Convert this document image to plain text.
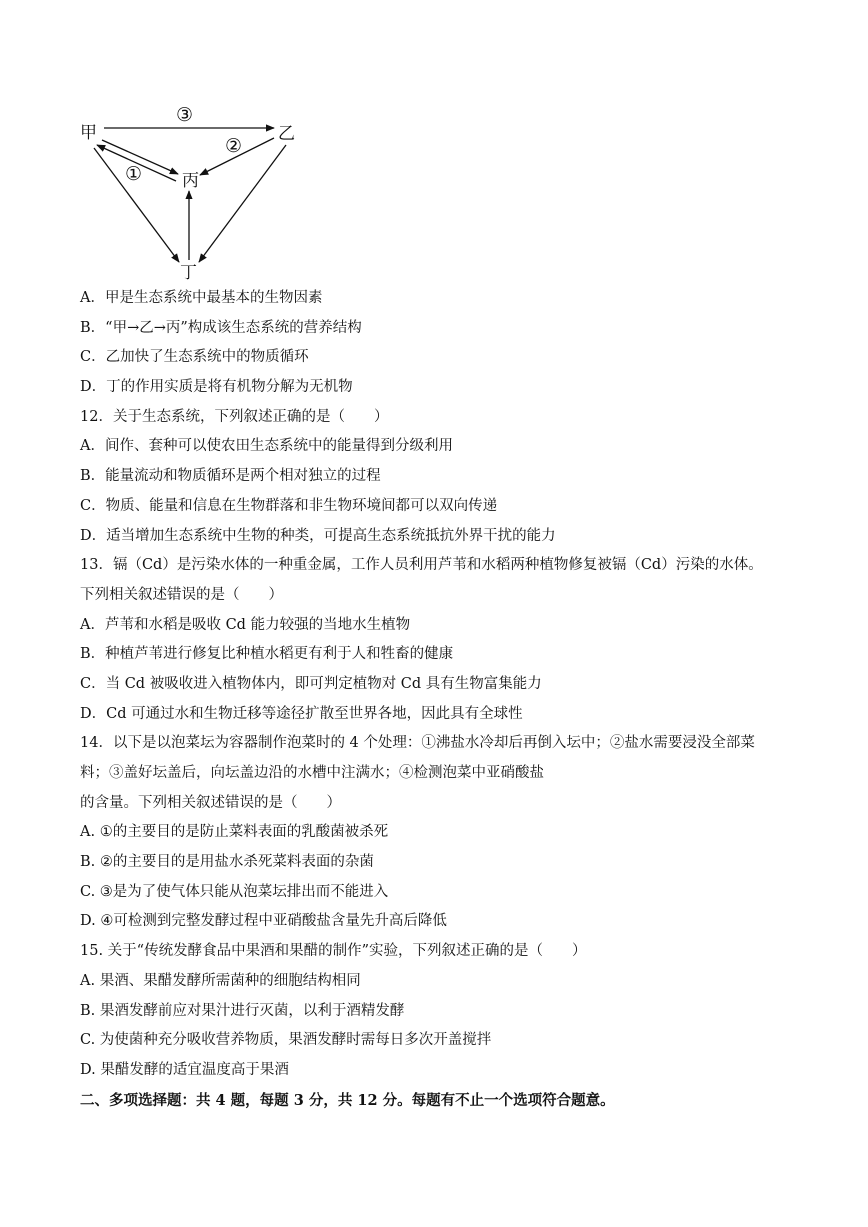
甲	乙
丙
丁
③
②
①
A．甲是生态系统中最基本的生物因素
B．“甲→乙→丙”构成该生态系统的营养结构
C．乙加快了生态系统中的物质循环
D．丁的作用实质是将有机物分解为无机物
12．关于生态系统，下列叙述正确的是（　　）
A．间作、套种可以使农田生态系统中的能量得到分级利用
B．能量流动和物质循环是两个相对独立的过程
C．物质、能量和信息在生物群落和非生物环境间都可以双向传递
D．适当增加生态系统中生物的种类，可提高生态系统抵抗外界干扰的能力
13．镉（Cd）是污染水体的一种重金属，工作人员利用芦苇和水稻两种植物修复被镉（Cd）污染的水体。
下列相关叙述错误的是（　　）
A．芦苇和水稻是吸收 Cd 能力较强的当地水生植物
B．种植芦苇进行修复比种植水稻更有利于人和牲畜的健康
C．当 Cd 被吸收进入植物体内，即可判定植物对 Cd 具有生物富集能力
D．Cd 可通过水和生物迁移等途径扩散至世界各地，因此具有全球性
14．以下是以泡菜坛为容器制作泡菜时的 4 个处理：①沸盐水冷却后再倒入坛中；②盐水需要浸没全部菜
料；③盖好坛盖后，向坛盖边沿的水槽中注满水；④检测泡菜中亚硝酸盐
的含量。下列相关叙述错误的是（　　）
A. ①的主要目的是防止菜料表面的乳酸菌被杀死
B. ②的主要目的是用盐水杀死菜料表面的杂菌
C. ③是为了使气体只能从泡菜坛排出而不能进入
D. ④可检测到完整发酵过程中亚硝酸盐含量先升高后降低
15. 关于“传统发酵食品中果酒和果醋的制作”实验，下列叙述正确的是（　　）
A. 果酒、果醋发酵所需菌种的细胞结构相同
B. 果酒发酵前应对果汁进行灭菌，以利于酒精发酵
C. 为使菌种充分吸收营养物质，果酒发酵时需每日多次开盖搅拌
D. 果醋发酵的适宜温度高于果酒
二、多项选择题：共 4 题，每题 3 分，共 12 分。每题有不止一个选项符合题意。
